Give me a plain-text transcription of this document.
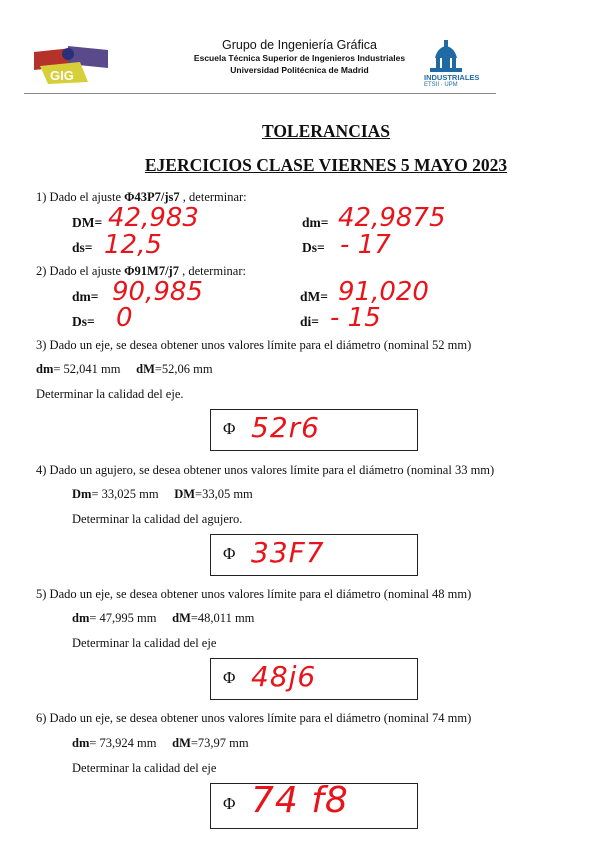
GIG
Grupo de Ingeniería Gráfica
Escuela Técnica Superior de Ingenieros Industriales
Universidad Politécnica de Madrid
INDUSTRIALES
ETSII · UPM
TOLERANCIAS
EJERCICIOS CLASE VIERNES 5 MAYO 2023
1) Dado el ajuste Φ43P7/js7 , determinar:
DM= 42,983	dm= 42,9875
ds= 12,5	Ds= - 17
2) Dado el ajuste Φ91M7/j7 , determinar:
dm= 90,985	dM= 91,020
Ds= 0	di= - 15
3) Dado un eje, se desea obtener unos valores límite para el diámetro (nominal 52 mm)
dm= 52,041 mm dM=52,06 mm
Determinar la calidad del eje.
Φ 52r6
4) Dado un agujero, se desea obtener unos valores límite para el diámetro (nominal 33 mm)
Dm= 33,025 mm DM=33,05 mm
Determinar la calidad del agujero.
Φ 33F7
5) Dado un eje, se desea obtener unos valores límite para el diámetro (nominal 48 mm)
dm= 47,995 mm dM=48,011 mm
Determinar la calidad del eje
Φ 48j6
6) Dado un eje, se desea obtener unos valores límite para el diámetro (nominal 74 mm)
dm= 73,924 mm dM=73,97 mm
Determinar la calidad del eje
Φ 74 f8
